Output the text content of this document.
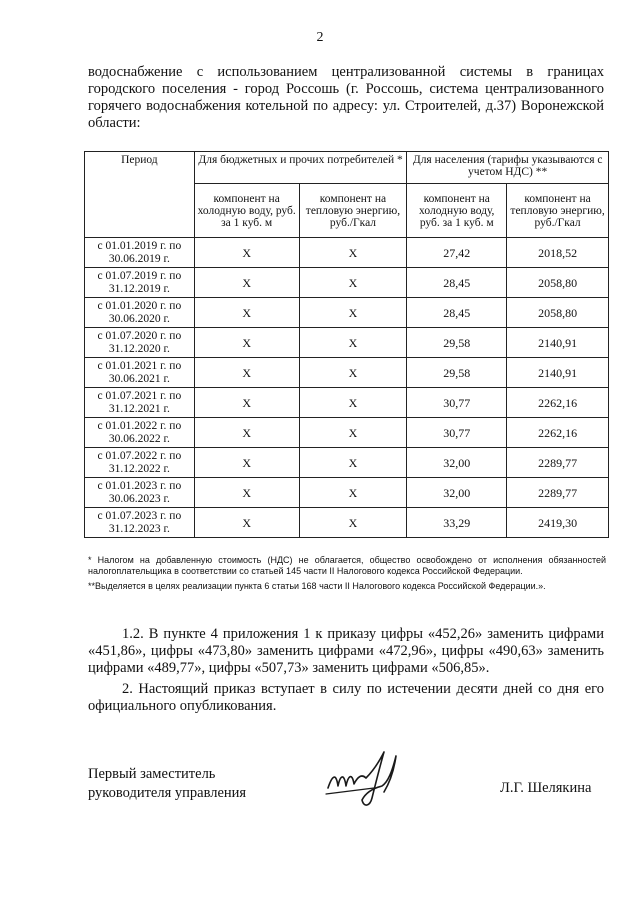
2
водоснабжение с использованием централизованной системы в границах городского поселения - город Россошь (г. Россошь, система централизованного горячего водоснабжения котельной по адресу: ул. Строителей, д.37) Воронежской области:
Период	Для бюджетных и прочих потребителей *		Для населения (тарифы указываются с учетом НДС) **	
	компонент на холодную воду, руб. за 1 куб. м	компонент на тепловую энергию, руб./Гкал	компонент на холодную воду, руб. за 1 куб. м	компонент на тепловую энергию, руб./Гкал
с 01.01.2019 г. по 30.06.2019 г.	X	X	27,42	2018,52
с 01.07.2019 г. по 31.12.2019 г.	X	X	28,45	2058,80
с 01.01.2020 г. по 30.06.2020 г.	X	X	28,45	2058,80
с 01.07.2020 г. по 31.12.2020 г.	X	X	29,58	2140,91
с 01.01.2021 г. по 30.06.2021 г.	X	X	29,58	2140,91
с 01.07.2021 г. по 31.12.2021 г.	X	X	30,77	2262,16
с 01.01.2022 г. по 30.06.2022 г.	X	X	30,77	2262,16
с 01.07.2022 г. по 31.12.2022 г.	X	X	32,00	2289,77
с 01.01.2023 г. по 30.06.2023 г.	X	X	32,00	2289,77
с 01.07.2023 г. по 31.12.2023 г.	X	X	33,29	2419,30

* Налогом на добавленную стоимость (НДС) не облагается, общество освобождено от исполнения обязанностей налогоплательщика в соответствии со статьей 145 части II Налогового кодекса Российской Федерации.

**Выделяется в целях реализации пункта 6 статьи 168 части II Налогового кодекса Российской Федерации.».

1.2. В пункте 4 приложения 1 к приказу цифры «452,26» заменить цифрами «451,86», цифры «473,80» заменить цифрами «472,96», цифры «490,63» заменить цифрами «489,77», цифры «507,73» заменить цифрами «506,85».

2. Настоящий приказ вступает в силу по истечении десяти дней со дня его официального опубликования.

Первый заместитель
руководителя управления	Л.Г. Шелякина
